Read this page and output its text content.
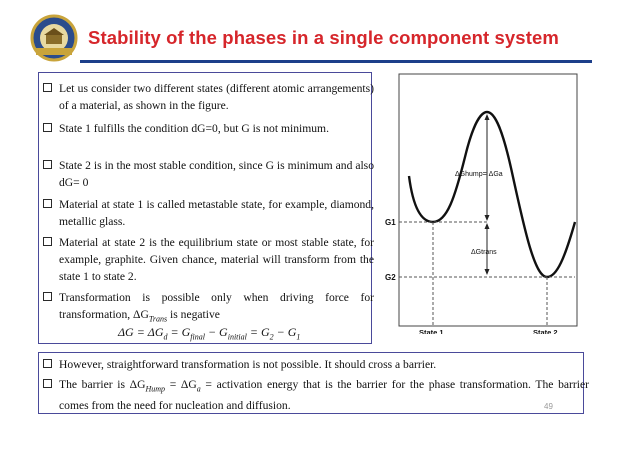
Stability of the phases in a single component system
Let us consider two different states (different atomic arrangements) of a material, as shown in the figure.
State 1 fulfills the condition dG=0, but G is not minimum.
State 2 is in the most stable condition, since G is minimum and also dG= 0
Material at state 1 is called metastable state, for example, diamond, metallic glass.
Material at state 2 is the equilibrium state or most stable state, for example, graphite. Given chance, material will transform from the state 1 to state 2.
Transformation is possible only when driving force for transformation, $\Delta G_{Trans}$ is negative
$\Delta G = \Delta G_d = G_{final} - G_{initial} = G_2 - G_1$
G1
G2
State 1	State 2
ΔGhump= ΔGa
ΔGtrans
However, straightforward transformation is not possible. It should cross a barrier.
The barrier is $\Delta G_{Hump} = \Delta G_a$ = activation energy that is the barrier for the phase transformation. The barrier comes from the need for nucleation and diffusion.	49
